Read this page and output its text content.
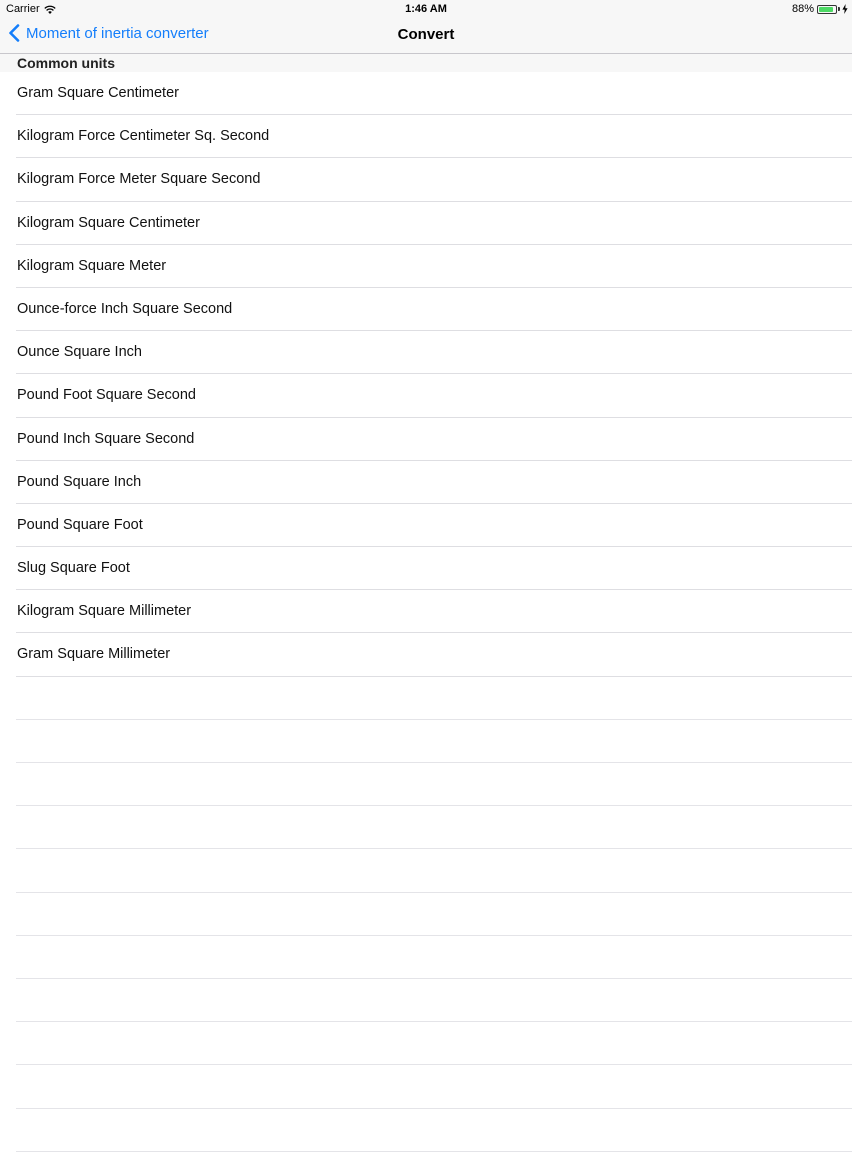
Carrier	1:46 AM	88%
Moment of inertia converter	Convert
Common units
Gram Square Centimeter
Kilogram Force Centimeter Sq. Second
Kilogram Force Meter Square Second
Kilogram Square Centimeter
Kilogram Square Meter
Ounce-force Inch Square Second
Ounce Square Inch
Pound Foot Square Second
Pound Inch Square Second
Pound Square Inch
Pound Square Foot
Slug Square Foot
Kilogram Square Millimeter
Gram Square Millimeter
